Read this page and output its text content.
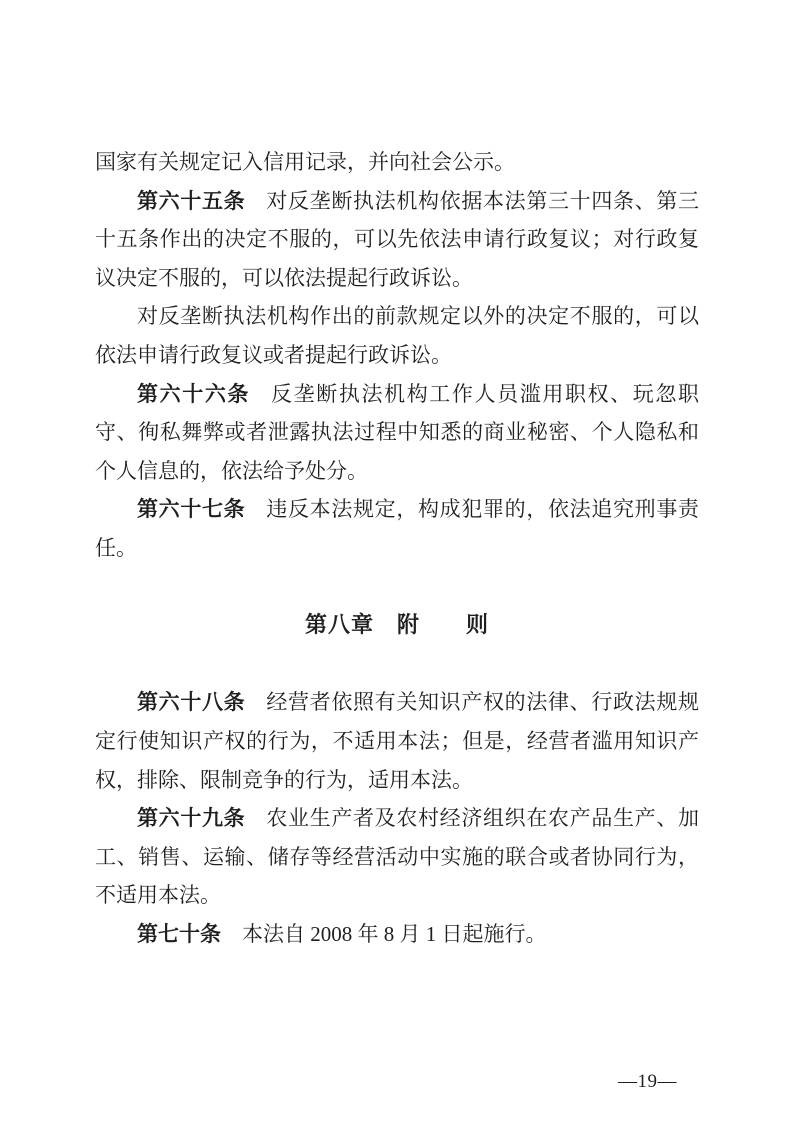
国家有关规定记入信用记录，并向社会公示。

第六十五条 对反垄断执法机构依据本法第三十四条、第三十五条作出的决定不服的，可以先依法申请行政复议；对行政复议决定不服的，可以依法提起行政诉讼。

对反垄断执法机构作出的前款规定以外的决定不服的，可以依法申请行政复议或者提起行政诉讼。

第六十六条 反垄断执法机构工作人员滥用职权、玩忽职守、徇私舞弊或者泄露执法过程中知悉的商业秘密、个人隐私和个人信息的，依法给予处分。

第六十七条 违反本法规定，构成犯罪的，依法追究刑事责任。

第八章　附　　则

第六十八条 经营者依照有关知识产权的法律、行政法规规定行使知识产权的行为，不适用本法；但是，经营者滥用知识产权，排除、限制竞争的行为，适用本法。

第六十九条 农业生产者及农村经济组织在农产品生产、加工、销售、运输、储存等经营活动中实施的联合或者协同行为，不适用本法。

第七十条 本法自 2008 年 8 月 1 日起施行。

—19—
